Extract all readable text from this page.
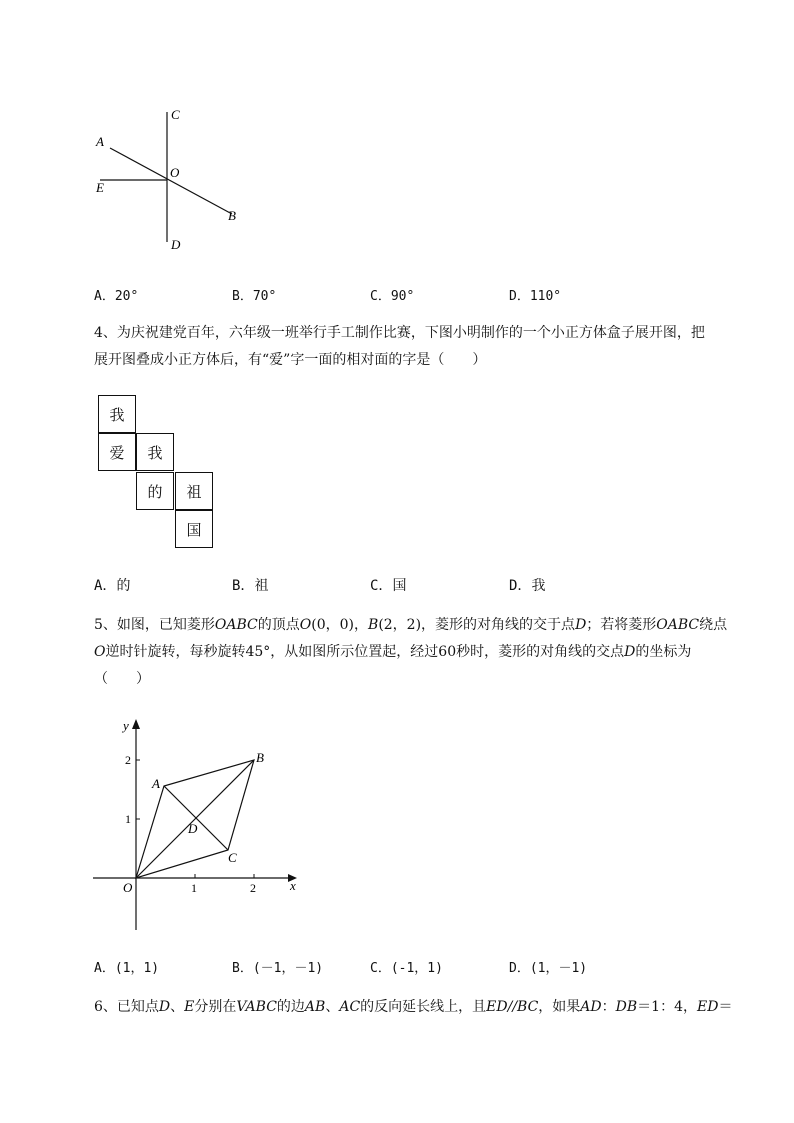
C
A
O
E
B
D
A．20°	B．70°	C．90°	D．110°
4、为庆祝建党百年，六年级一班举行手工制作比赛，下图小明制作的一个小正方体盒子展开图，把
展开图叠成小正方体后，有“爱”字一面的相对面的字是（　　）
我
爱	我
的	祖
国
A．的	B．祖	C．国	D．我
5、如图，已知菱形OABC的顶点O(0，0)，B(2，2)，菱形的对角线的交于点D；若将菱形OABC绕点
O逆时针旋转，每秒旋转45°，从如图所示位置起，经过60秒时，菱形的对角线的交点D的坐标为
（　　）
y
x
O
A
B
C
D
2
1
1	2
A．(1，1)	B．(－1，－1)	C．(-1，1)	D．(1，－1)
6、已知点D、E分别在VABC的边AB、AC的反向延长线上，且ED//BC，如果AD：DB＝1：4，ED＝
